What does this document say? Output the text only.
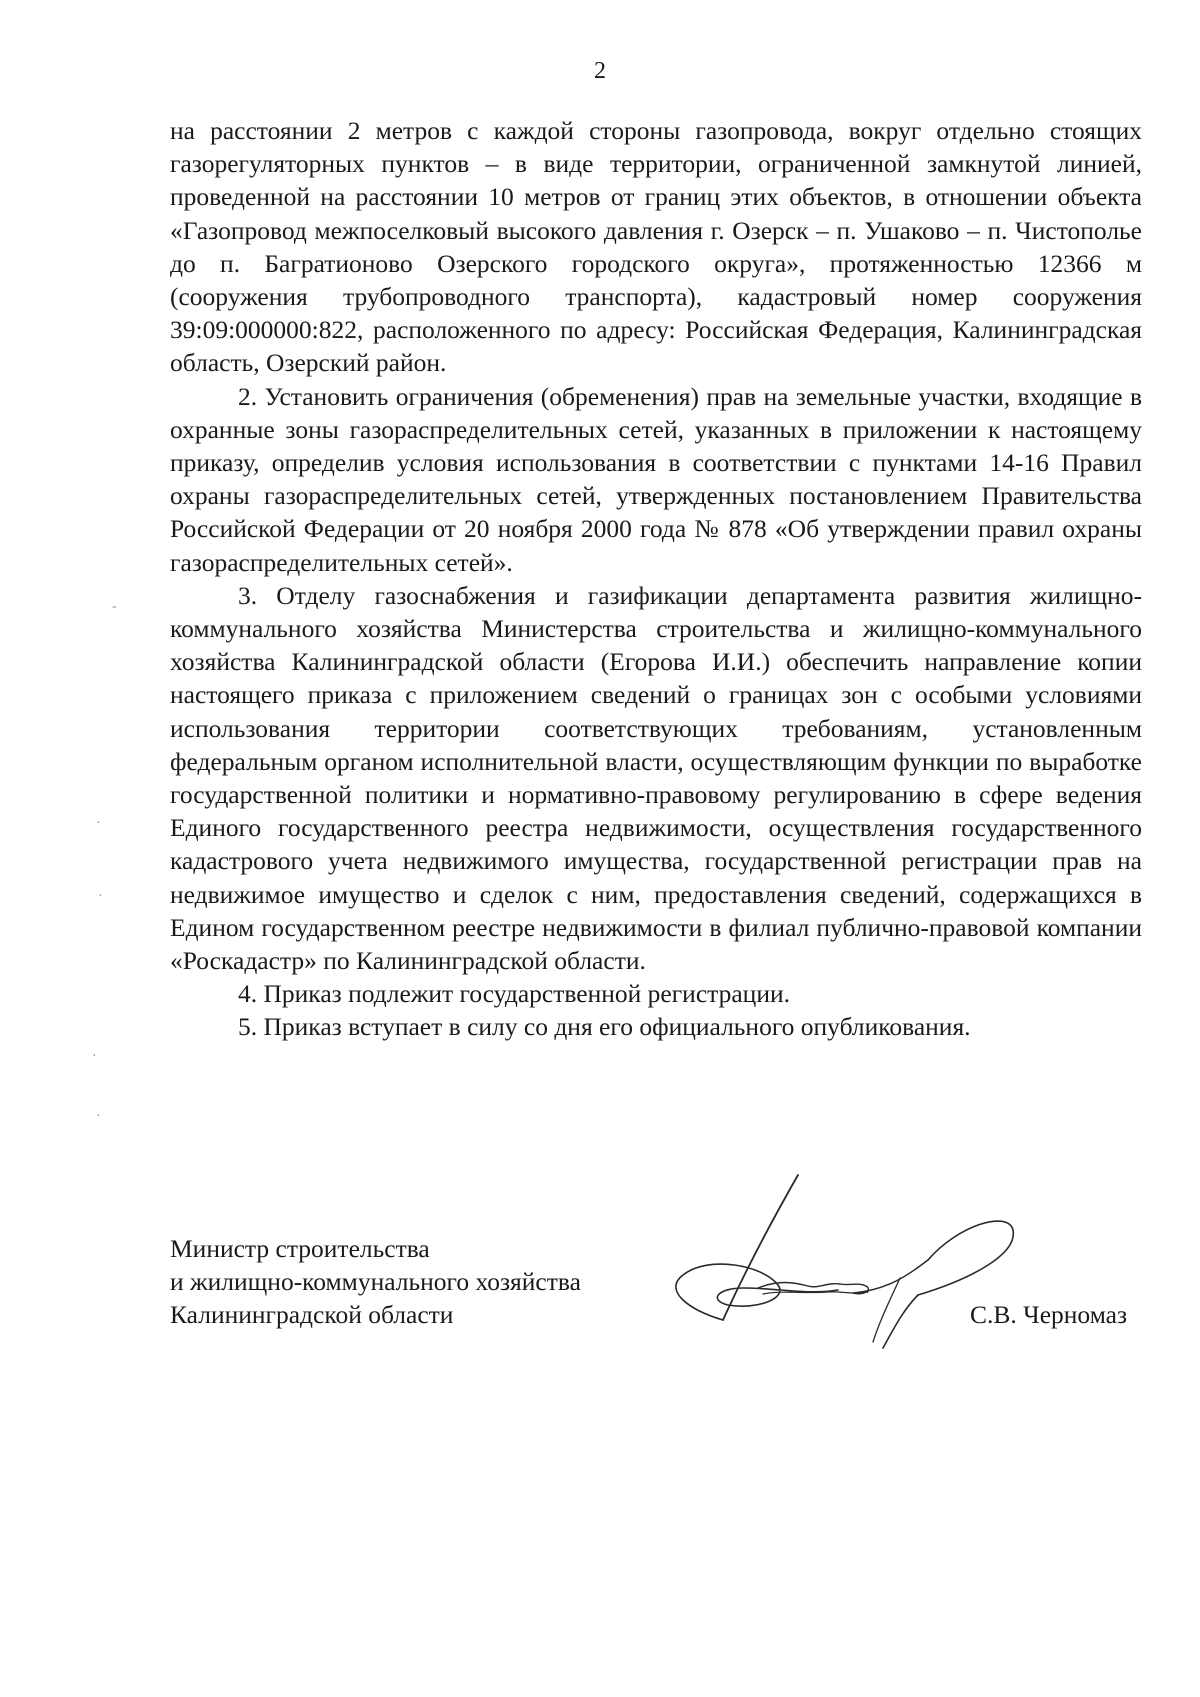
2

на расстоянии 2 метров с каждой стороны газопровода, вокруг отдельно стоящих газорегуляторных пунктов – в виде территории, ограниченной замкнутой линией, проведенной на расстоянии 10 метров от границ этих объектов, в отношении объекта «Газопровод межпоселковый высокого давления г. Озерск – п. Ушаково – п. Чистополье до п. Багратионово Озерского городского округа», протяженностью 12366 м (сооружения трубопроводного транспорта), кадастровый номер сооружения 39:09:000000:822, расположенного по адресу: Российская Федерация, Калининградская область, Озерский район.

2. Установить ограничения (обременения) прав на земельные участки, входящие в охранные зоны газораспределительных сетей, указанных в приложении к настоящему приказу, определив условия использования в соответствии с пунктами 14-16 Правил охраны газораспределительных сетей, утвержденных постановлением Правительства Российской Федерации от 20 ноября 2000 года № 878 «Об утверждении правил охраны газораспределительных сетей».

3. Отделу газоснабжения и газификации департамента развития жилищно-коммунального хозяйства Министерства строительства и жилищно-коммунального хозяйства Калининградской области (Егорова И.И.) обеспечить направление копии настоящего приказа с приложением сведений о границах зон с особыми условиями использования территории соответствующих требованиям, установленным федеральным органом исполнительной власти, осуществляющим функции по выработке государственной политики и нормативно-правовому регулированию в сфере ведения Единого государственного реестра недвижимости, осуществления государственного кадастрового учета недвижимого имущества, государственной регистрации прав на недвижимое имущество и сделок с ним, предоставления сведений, содержащихся в Едином государственном реестре недвижимости в филиал публично-правовой компании «Роскадастр» по Калининградской области.

4. Приказ подлежит государственной регистрации.

5. Приказ вступает в силу со дня его официального опубликования.

Министр строительства
и жилищно-коммунального хозяйства
Калининградской области	С.В. Черномаз
-
·
·
·
·
